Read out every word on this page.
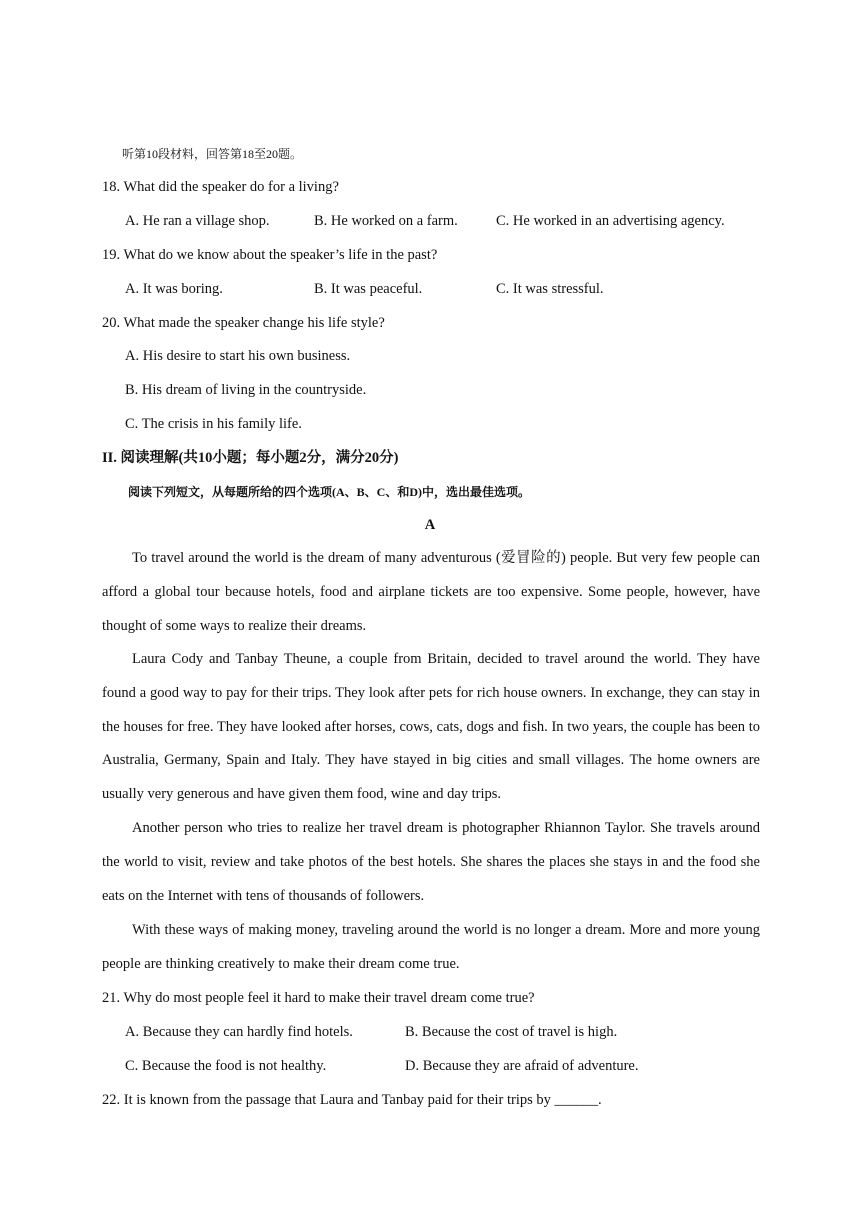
听第10段材料，回答第18至20题。
18. What did the speaker do for a living?
A. He ran a village shop.	B. He worked on a farm.	C. He worked in an advertising agency.
19. What do we know about the speaker’s life in the past?
A. It was boring.	B. It was peaceful.	C. It was stressful.
20. What made the speaker change his life style?
A. His desire to start his own business.
B. His dream of living in the countryside.
C. The crisis in his family life.
II. 阅读理解(共10小题；每小题2分，满分20分)
阅读下列短文，从每题所给的四个选项(A、B、C、和D)中，选出最佳选项。
A
To travel around the world is the dream of many adventurous (爱冒险的) people. But very few people can afford a global tour because hotels, food and airplane tickets are too expensive. Some people, however, have thought of some ways to realize their dreams.
Laura Cody and Tanbay Theune, a couple from Britain, decided to travel around the world. They have found a good way to pay for their trips. They look after pets for rich house owners. In exchange, they can stay in the houses for free. They have looked after horses, cows, cats, dogs and fish. In two years, the couple has been to Australia, Germany, Spain and Italy. They have stayed in big cities and small villages. The home owners are usually very generous and have given them food, wine and day trips.
Another person who tries to realize her travel dream is photographer Rhiannon Taylor. She travels around the world to visit, review and take photos of the best hotels. She shares the places she stays in and the food she eats on the Internet with tens of thousands of followers.
With these ways of making money, traveling around the world is no longer a dream. More and more young people are thinking creatively to make their dream come true.
21. Why do most people feel it hard to make their travel dream come true?
A. Because they can hardly find hotels.	B. Because the cost of travel is high.
C. Because the food is not healthy.	D. Because they are afraid of adventure.
22. It is known from the passage that Laura and Tanbay paid for their trips by ______.
